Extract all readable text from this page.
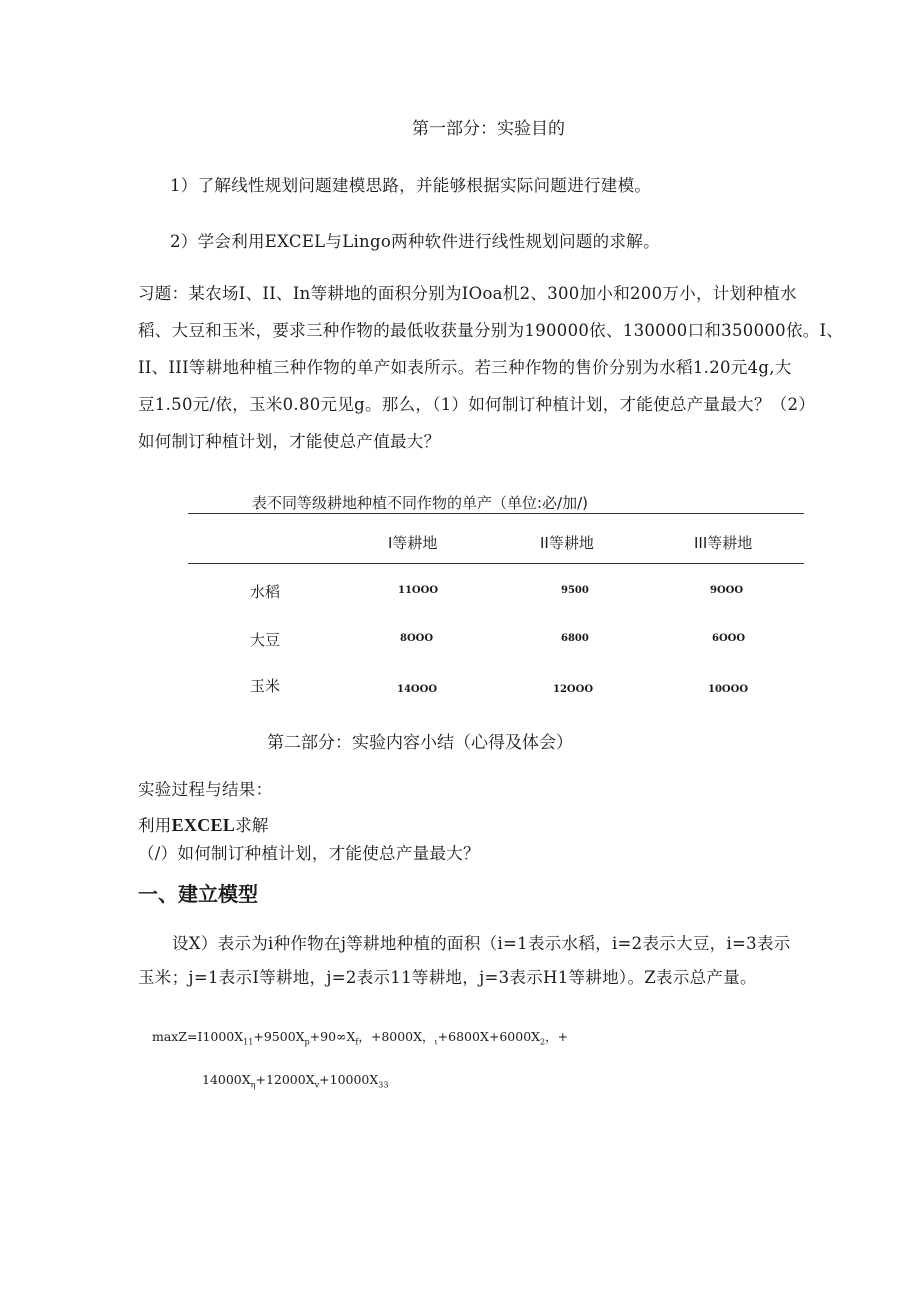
第一部分：实验目的
1）了解线性规划问题建模思路，并能够根据实际问题进行建模。
2）学会利用EXCEL与Lingo两种软件进行线性规划问题的求解。
习题：某农场I、II、In等耕地的面积分别为IOoa机2、300加小和200万小，计划种植水
稻、大豆和玉米，要求三种作物的最低收获量分别为190000依、130000口和350000依。I、
II、III等耕地种植三种作物的单产如表所示。若三种作物的售价分别为水稻1.20元4g,大
豆1.50元/依，玉米0.80元见g。那么，（1）如何制订种植计划，才能使总产量最大？（2）
如何制订种植计划，才能使总产值最大？
表不同等级耕地种植不同作物的单产（单位:必/加/)
I等耕地	II等耕地	III等耕地
水稻	11OOO	9500	9OOO
大豆	8OOO	6800	6OOO
玉米	14OOO	12OOO	10OOO
第二部分：实验内容小结（心得及体会）
实验过程与结果：
利用EXCEL求解
（/）如何制订种植计划，才能使总产量最大？
一、建立模型
设X）表示为i种作物在j等耕地种植的面积（i=1表示水稻，i=2表示大豆，i=3表示
玉米；j=1表示I等耕地，j=2表示11等耕地，j=3表示H1等耕地）。Z表示总产量。
$\max Z=I1000X_{11}+9500X_p+90\infty X_f$，+8000X，$_\iota+6800X+6000X_2$，+
$14000X_\eta+12000X_v+10000X_{33}$
